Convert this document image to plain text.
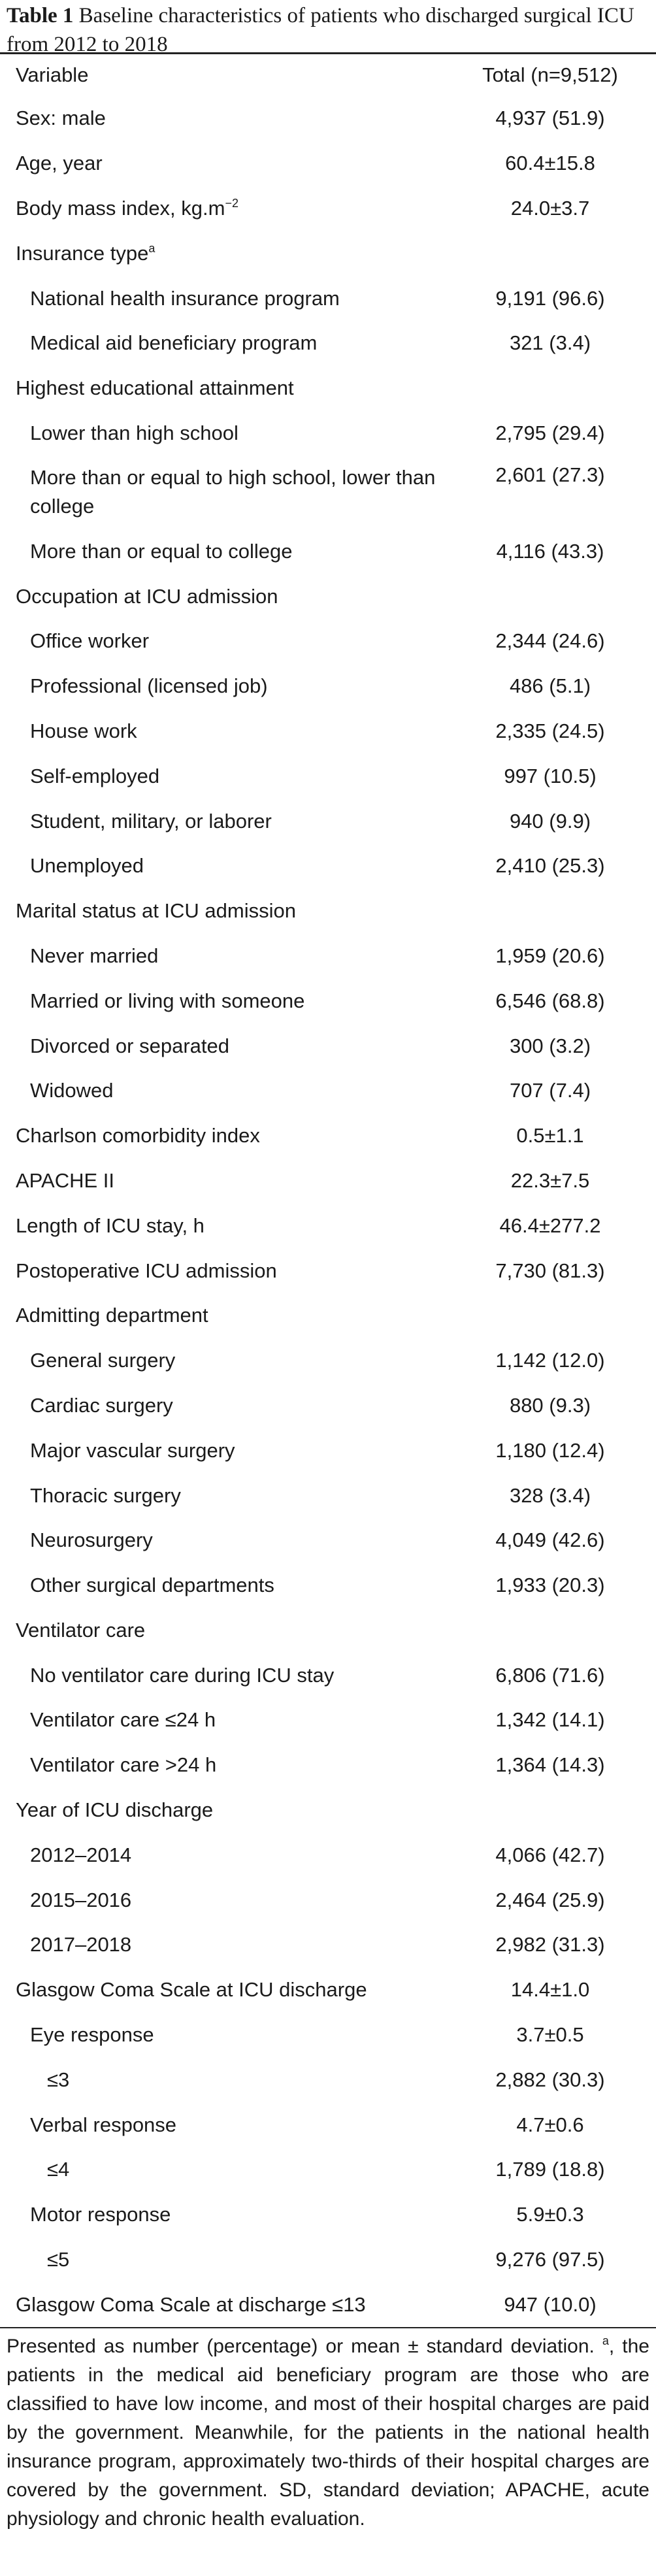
Table 1 Baseline characteristics of patients who discharged surgical ICU from 2012 to 2018

Variable	Total (n=9,512)
Sex: male	4,937 (51.9)
Age, year	60.4±15.8
Body mass index, $kg.m^{-2}$	24.0±3.7
Insurance type$^a$	
National health insurance program	9,191 (96.6)
Medical aid beneficiary program	321 (3.4)
Highest educational attainment	
Lower than high school	2,795 (29.4)
More than or equal to high school, lower than college	2,601 (27.3)
More than or equal to college	4,116 (43.3)
Occupation at ICU admission	
Office worker	2,344 (24.6)
Professional (licensed job)	486 (5.1)
House work	2,335 (24.5)
Self-employed	997 (10.5)
Student, military, or laborer	940 (9.9)
Unemployed	2,410 (25.3)
Marital status at ICU admission	
Never married	1,959 (20.6)
Married or living with someone	6,546 (68.8)
Divorced or separated	300 (3.2)
Widowed	707 (7.4)
Charlson comorbidity index	0.5±1.1
APACHE II	22.3±7.5
Length of ICU stay, h	46.4±277.2
Postoperative ICU admission	7,730 (81.3)
Admitting department	
General surgery	1,142 (12.0)
Cardiac surgery	880 (9.3)
Major vascular surgery	1,180 (12.4)
Thoracic surgery	328 (3.4)
Neurosurgery	4,049 (42.6)
Other surgical departments	1,933 (20.3)
Ventilator care	
No ventilator care during ICU stay	6,806 (71.6)
Ventilator care ≤24 h	1,342 (14.1)
Ventilator care >24 h	1,364 (14.3)
Year of ICU discharge	
2012–2014	4,066 (42.7)
2015–2016	2,464 (25.9)
2017–2018	2,982 (31.3)
Glasgow Coma Scale at ICU discharge	14.4±1.0
Eye response	3.7±0.5
≤3	2,882 (30.3)
Verbal response	4.7±0.6
≤4	1,789 (18.8)
Motor response	5.9±0.3
≤5	9,276 (97.5)
Glasgow Coma Scale at discharge ≤13	947 (10.0)

Presented as number (percentage) or mean ± standard deviation. $^a$, the patients in the medical aid beneficiary program are those who are classified to have low income, and most of their hospital charges are paid by the government. Meanwhile, for the patients in the national health insurance program, approximately two-thirds of their hospital charges are covered by the government. SD, standard deviation; APACHE, acute physiology and chronic health evaluation.
